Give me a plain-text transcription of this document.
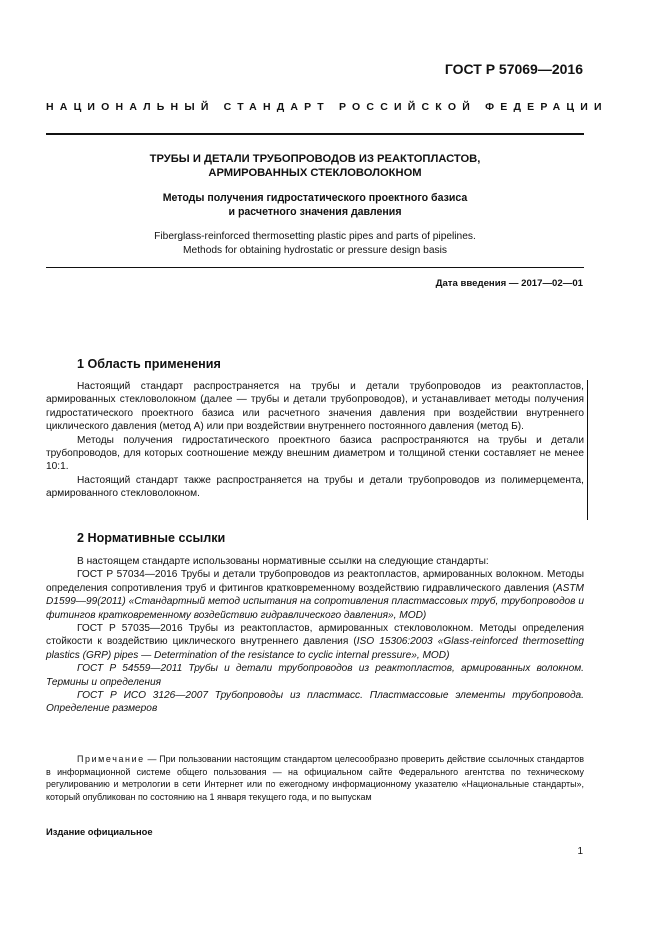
ГОСТ Р 57069—2016
НАЦИОНАЛЬНЫЙ СТАНДАРТ РОССИЙСКОЙ ФЕДЕРАЦИИ
ТРУБЫ И ДЕТАЛИ ТРУБОПРОВОДОВ ИЗ РЕАКТОПЛАСТОВ,
АРМИРОВАННЫХ СТЕКЛОВОЛОКНОМ
Методы получения гидростатического проектного базиса
и расчетного значения давления
Fiberglass-reinforced thermosetting plastic pipes and parts of pipelines.
Methods for obtaining hydrostatic or pressure design basis
Дата введения — 2017—02—01
1 Область применения

Настоящий стандарт распространяется на трубы и детали трубопроводов из реактопластов, армированных стекловолокном (далее — трубы и детали трубопроводов), и устанавливает методы получения гидростатического проектного базиса или расчетного значения давления при воздействии внутреннего циклического давления (метод А) или при воздействии внутреннего постоянного давления (метод Б).

Методы получения гидростатического проектного базиса распространяются на трубы и детали трубопроводов, для которых соотношение между внешним диаметром и толщиной стенки составляет не менее 10:1.

Настоящий стандарт также распространяется на трубы и детали трубопроводов из полимерцемента, армированного стекловолокном.

2 Нормативные ссылки

В настоящем стандарте использованы нормативные ссылки на следующие стандарты:

ГОСТ Р 57034—2016 Трубы и детали трубопроводов из реактопластов, армированных волокном. Методы определения сопротивления труб и фитингов кратковременному воздействию гидравлического давления (ASTM D1599—99(2011) «Стандартный метод испытания на сопротивления пластмассовых труб, трубопроводов и фитингов кратковременному воздействию гидравлического давления», MOD)

ГОСТ Р 57035—2016 Трубы из реактопластов, армированных стекловолокном. Методы определения стойкости к воздействию циклического внутреннего давления (ISO 15306:2003 «Glass-reinforced thermosetting plastics (GRP) pipes — Determination of the resistance to cyclic internal pressure», MOD)

ГОСТ Р 54559—2011 Трубы и детали трубопроводов из реактопластов, армированных волокном. Термины и определения

ГОСТ Р ИСО 3126—2007 Трубопроводы из пластмасс. Пластмассовые элементы трубопровода. Определение размеров

Примечание — При пользовании настоящим стандартом целесообразно проверить действие ссылочных стандартов в информационной системе общего пользования — на официальном сайте Федерального агентства по техническому регулированию и метрологии в сети Интернет или по ежегодному информационному указателю «Национальные стандарты», который опубликован по состоянию на 1 января текущего года, и по выпускам

Издание официальное
1
